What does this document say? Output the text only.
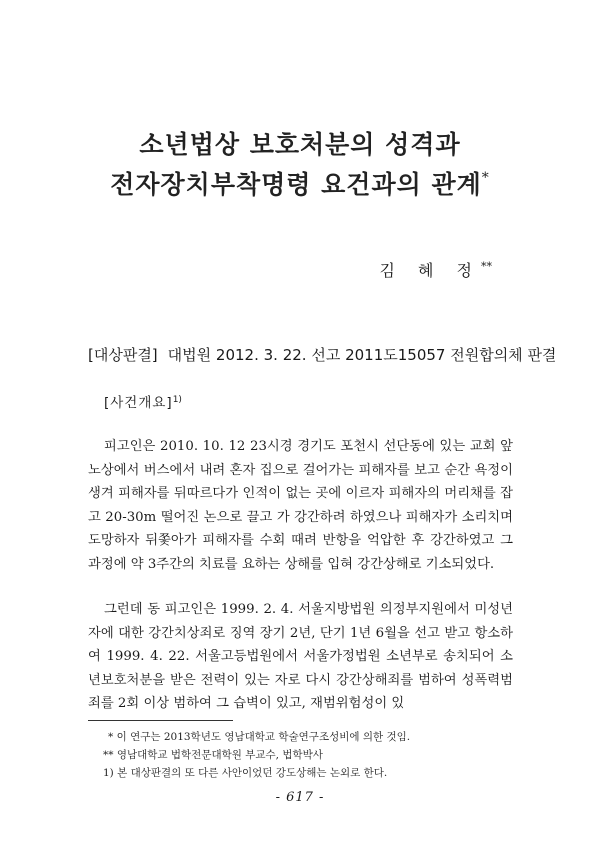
소년법상 보호처분의 성격과
전자장치부착명령 요건과의 관계*
김 혜 정**
[대상판결] 대법원 2012. 3. 22. 선고 2011도15057 전원합의체 판결
[사건개요]$^{1)}$
피고인은 2010. 10. 12 23시경 경기도 포천시 선단동에 있는 교회 앞 노상에서 버스에서 내려 혼자 집으로 걸어가는 피해자를 보고 순간 욕정이 생겨 피해자를 뒤따르다가 인적이 없는 곳에 이르자 피해자의 머리채를 잡고 20-30m 떨어진 논으로 끌고 가 강간하려 하였으나 피해자가 소리치며 도망하자 뒤쫓아가 피해자를 수회 때려 반항을 억압한 후 강간하였고 그 과정에 약 3주간의 치료를 요하는 상해를 입혀 강간상해로 기소되었다.
그런데 동 피고인은 1999. 2. 4. 서울지방법원 의정부지원에서 미성년자에 대한 강간치상죄로 징역 장기 2년, 단기 1년 6월을 선고 받고 항소하여 1999. 4. 22. 서울고등법원에서 서울가정법원 소년부로 송치되어 소년보호처분을 받은 전력이 있는 자로 다시 강간상해죄를 범하여 성폭력범죄를 2회 이상 범하여 그 습벽이 있고, 재범위험성이 있
* 이 연구는 2013학년도 영남대학교 학술연구조성비에 의한 것임.
** 영남대학교 법학전문대학원 부교수, 법학박사
1) 본 대상판결의 또 다른 사안이었던 강도상해는 논외로 한다.
- 617 -
